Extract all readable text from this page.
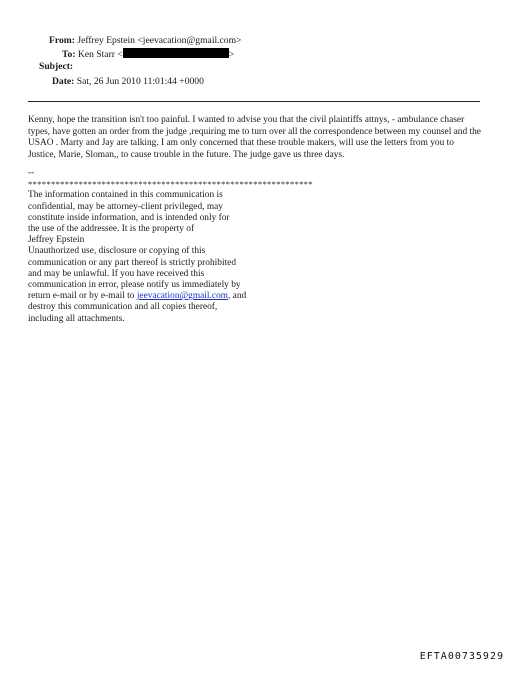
From: Jeffrey Epstein <jeevacation@gmail.com>
To: Ken Starr <	>
Subject:
Date: Sat, 26 Jun 2010 11:01:44 +0000
Kenny, hope the transition isn't too painful. I wanted to advise you that the civil plaintiffs attnys, - ambulance chaser types, have gotten an order from the judge ,requiring me to turn over all the correspondence between my counsel and the USAO . Marty and Jay are talking. I am only concerned that these trouble makers, will use the letters from you to Justice, Marie, Sloman,, to cause trouble in the future. The judge gave us three days.
--
**************************************************************
The information contained in this communication is
confidential, may be attorney-client privileged, may
constitute inside information, and is intended only for
the use of the addressee. It is the property of
Jeffrey Epstein
Unauthorized use, disclosure or copying of this
communication or any part thereof is strictly prohibited
and may be unlawful. If you have received this
communication in error, please notify us immediately by
return e-mail or by e-mail to jeevacation@gmail.com, and
destroy this communication and all copies thereof,
including all attachments.
EFTA00735929
